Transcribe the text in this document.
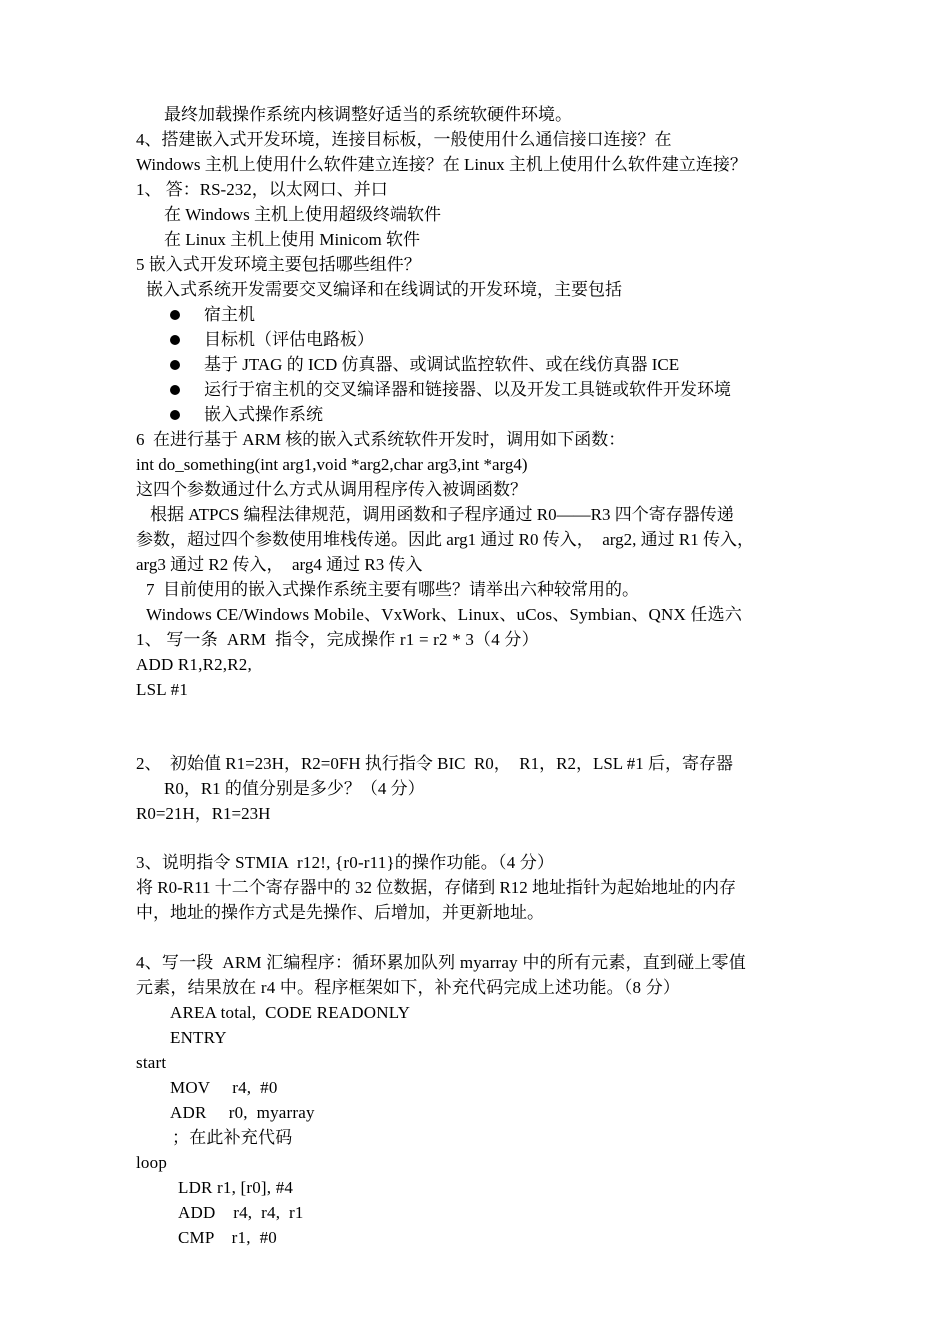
最终加载操作系统内核调整好适当的系统软硬件环境。
4、搭建嵌入式开发环境，连接目标板，一般使用什么通信接口连接？在
Windows 主机上使用什么软件建立连接？在 Linux 主机上使用什么软件建立连接？
1、 答：RS-232，以太网口、并口
在 Windows 主机上使用超级终端软件
在 Linux 主机上使用 Minicom 软件
5 嵌入式开发环境主要包括哪些组件？
嵌入式系统开发需要交叉编译和在线调试的开发环境，主要包括
宿主机
目标机（评估电路板）
基于 JTAG 的 ICD 仿真器、或调试监控软件、或在线仿真器 ICE
运行于宿主机的交叉编译器和链接器、以及开发工具链或软件开发环境
嵌入式操作系统
6  在进行基于 ARM 核的嵌入式系统软件开发时，调用如下函数：
int do_something(int arg1,void *arg2,char arg3,int *arg4)
这四个参数通过什么方式从调用程序传入被调函数？
根据 ATPCS 编程法律规范，调用函数和子程序通过 R0——R3 四个寄存器传递
参数，超过四个参数使用堆栈传递。因此 arg1 通过 R0 传入，  arg2, 通过 R1 传入，
arg3 通过 R2 传入，  arg4 通过 R3 传入
7  目前使用的嵌入式操作系统主要有哪些？请举出六种较常用的。
Windows CE/Windows Mobile、VxWork、Linux、uCos、Symbian、QNX 任选六
1、 写一条  ARM  指令，完成操作 r1 = r2 * 3（4 分）
ADD R1,R2,R2,
LSL #1
2、  初始值 R1=23H，R2=0FH 执行指令 BIC  R0，  R1，R2，LSL #1 后，寄存器
R0，R1 的值分别是多少？（4 分）
R0=21H，R1=23H
3、说明指令 STMIA  r12!, {r0-r11}的操作功能。（4 分）
将 R0-R11 十二个寄存器中的 32 位数据，存储到 R12 地址指针为起始地址的内存
中，地址的操作方式是先操作、后增加，并更新地址。
4、写一段  ARM 汇编程序：循环累加队列 myarray 中的所有元素，直到碰上零值
元素，结果放在 r4 中。程序框架如下，补充代码完成上述功能。（8 分）
AREA total,  CODE READONLY
ENTRY
start
MOV     r4,  #0
ADR     r0,  myarray
；在此补充代码
loop
LDR r1, [r0], #4
ADD    r4,  r4,  r1
CMP    r1,  #0
